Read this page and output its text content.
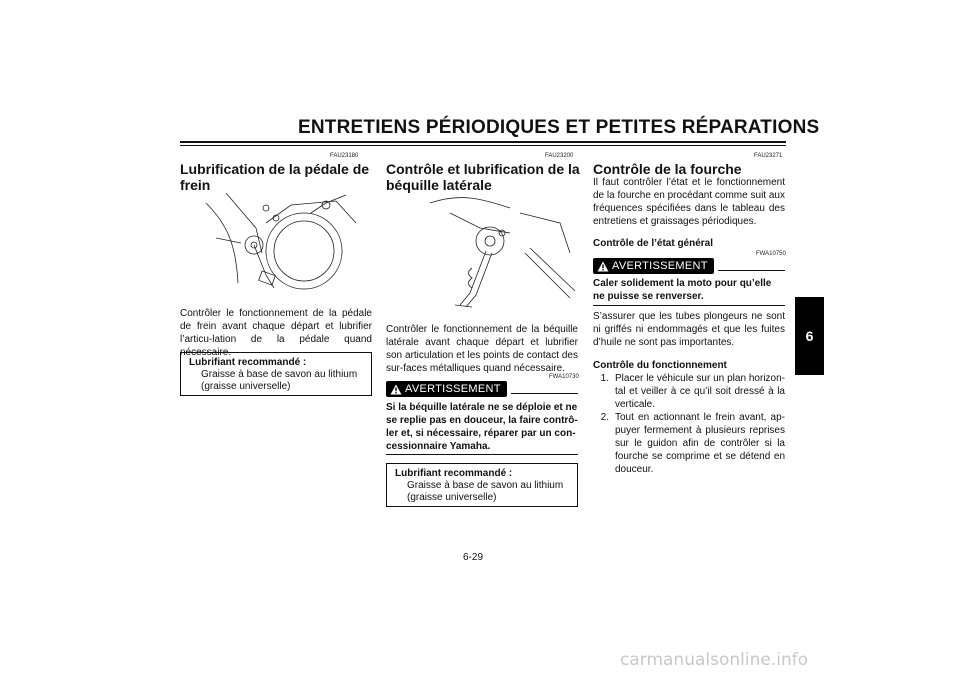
ENTRETIENS PÉRIODIQUES ET PETITES RÉPARATIONS
6
FAU23180
Lubrification de la pédale de frein
Contrôler le fonctionnement de la pédale de frein avant chaque départ et lubrifier l’articu-lation de la pédale quand nécessaire.
Lubrifiant recommandé :
Graisse à base de savon au lithium
(graisse universelle)
FAU23200
Contrôle et lubrification de la
béquille latérale
Contrôler le fonctionnement de la béquille latérale avant chaque départ et lubrifier son articulation et les points de contact des sur-faces métalliques quand nécessaire.
FWA10730
AVERTISSEMENT
Si la béquille latérale ne se déploie et ne se replie pas en douceur, la faire contrô-ler et, si nécessaire, réparer par un con-cessionnaire Yamaha.
Lubrifiant recommandé :
Graisse à base de savon au lithium
(graisse universelle)
FAU23271
Contrôle de la fourche
Il faut contrôler l’état et le fonctionnement de la fourche en procédant comme suit aux fréquences spécifiées dans le tableau des entretiens et graissages périodiques.
Contrôle de l’état général
FWA10750
AVERTISSEMENT
Caler solidement la moto pour qu’elle ne puisse se renverser.
S’assurer que les tubes plongeurs ne sont ni griffés ni endommagés et que les fuites d’huile ne sont pas importantes.
Contrôle du fonctionnement
1. Placer le véhicule sur un plan horizon-tal et veiller à ce qu’il soit dressé à la verticale.
2. Tout en actionnant le frein avant, ap-puyer fermement à plusieurs reprises sur le guidon afin de contrôler si la fourche se comprime et se détend en douceur.
6-29
carmanualsonline.info
